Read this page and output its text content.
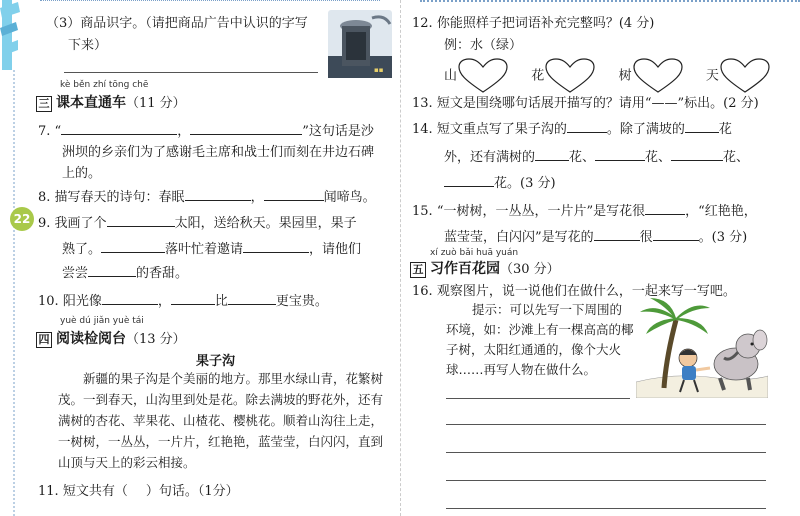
22
（3）商品识字。（请把商品广告中认识的字写
下来）
▪▪
kè běn zhí tōng chē
三 课本直通车（11 分）
7. “	，	”这句话是沙
洲坝的乡亲们为了感谢毛主席和战士们而刻在井边石碑
上的。
8. 描写春天的诗句：春眠	，	闻啼鸟。
9. 我画了个	太阳，送给秋天。果园里，果子
熟了。	落叶忙着邀请	，请他们
尝尝	的香甜。
10. 阳光像	，	比	更宝贵。
yuè dú jiǎn yuè tái
四 阅读检阅台（13 分）
果子沟
新疆的果子沟是个美丽的地方。那里水绿山青，花繁树茂。一到春天，山沟里到处是花。除去满坡的野花外，还有满树的杏花、苹果花、山楂花、樱桃花。顺着山沟往上走，一树树，一丛丛，一片片，红艳艳，蓝莹莹，白闪闪，直到山顶与天上的彩云相接。
11. 短文共有（ ）句话。（1分）
12. 你能照样子把词语补充完整吗？(4 分)
例：水（绿）
山	花	树	天
13. 短文是围绕哪句话展开描写的？请用“——”标出。(2 分)
14. 短文重点写了果子沟的	。除了满坡的	花
外，还有满树的	花、	花、	花、
花。(3 分)
15. “一树树，一丛丛，一片片”是写花很	，“红艳艳，
蓝莹莹，白闪闪”是写花的	很	。(3 分)
xí zuò bǎi huā yuán
五 习作百花园（30 分）
16. 观察图片，说一说他们在做什么，一起来写一写吧。
提示：可以先写一下周围的
环境，如：沙滩上有一棵高高的椰
子树，太阳红通通的，像个大火
球……再写人物在做什么。
